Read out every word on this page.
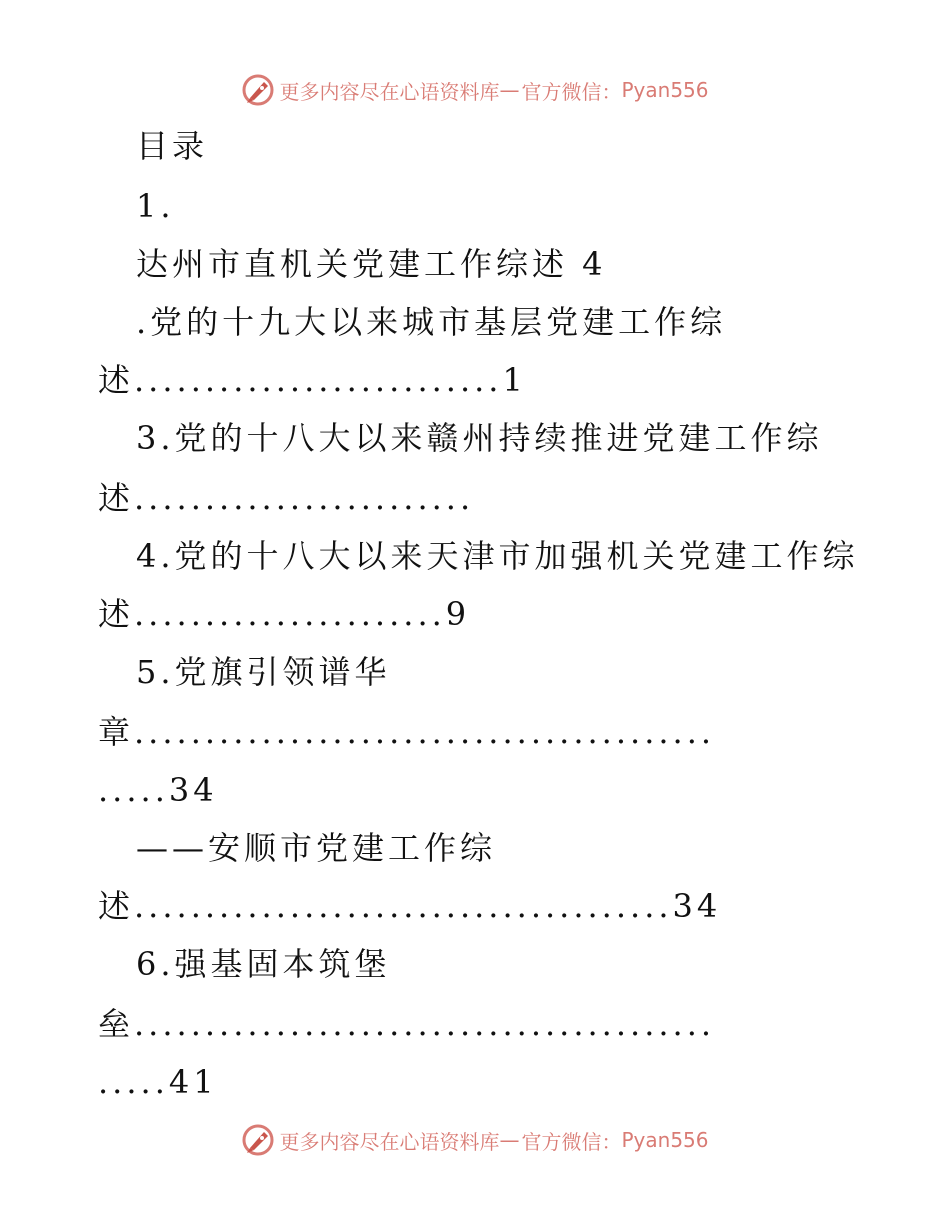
更多内容尽在心语资料库 — 官方微信： Pyan556
目录
1.
达州市直机关党建工作综述 4
.党的十九大以来城市基层党建工作综
述..........................1
3.党的十八大以来赣州持续推进党建工作综
述........................
4.党的十八大以来天津市加强机关党建工作综
述......................9
5.党旗引领谱华
章.........................................
.....34
——安顺市党建工作综
述......................................34
6.强基固本筑堡
垒.........................................
.....41
更多内容尽在心语资料库 — 官方微信： Pyan556
